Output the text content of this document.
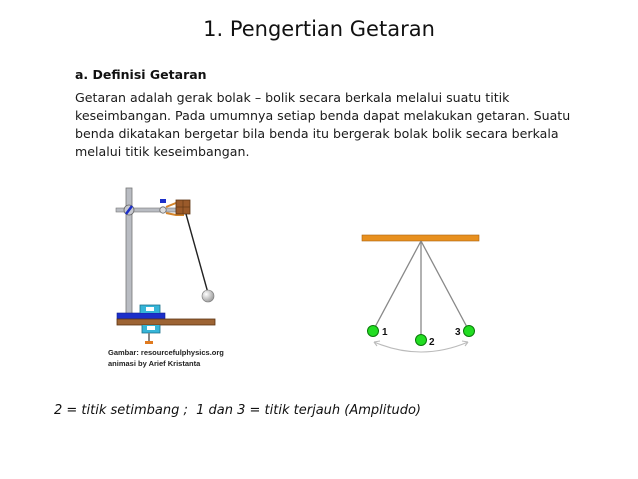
1. Pengertian Getaran
a. Definisi Getaran
Getaran adalah gerak bolak – bolik secara berkala melalui suatu titik
keseimbangan. Pada umumnya setiap benda dapat melakukan getaran. Suatu
benda dikatakan bergetar bila benda itu bergerak bolak bolik secara berkala
melalui titik keseimbangan.
Gambar: resourcefulphysics.org
animasi by Arief Kristanta
1
2
3
2 = titik setimbang ;  1 dan 3 = titik terjauh (Amplitudo)
